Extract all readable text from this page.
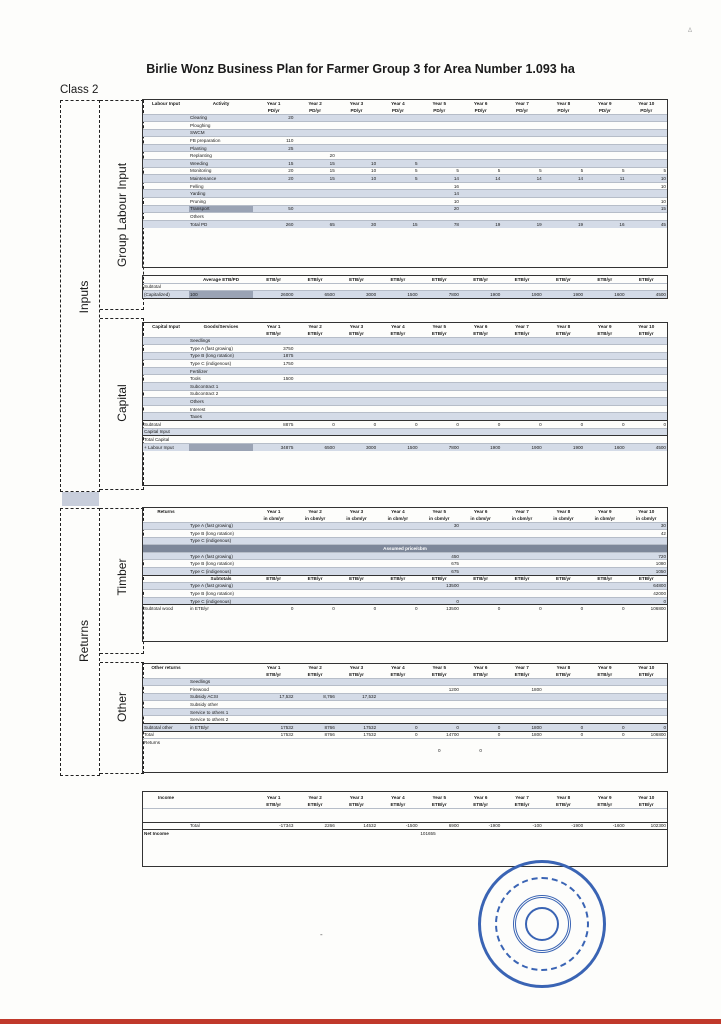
Birlie Wonz Business Plan for Farmer Group 3 for Area Number 1.093 ha
Class 2
Inputs
Returns
Group Labour Input
Capital
Timber
Other
Labour Input	Activity	Year 1	Year 2	Year 3	Year 4	Year 5	Year 6	Year 7	Year 8	Year 9	Year 10
		PD/yr	PD/yr	PD/yr	PD/yr	PD/yr	PD/yr	PD/yr	PD/yr	PD/yr	PD/yr
	Clearing	20									
	Ploughing										
	SWCM										
	FB preparation	110									
	Planting	25									
	Replanting		20								
	Weeding	15	15	10	5						
	Monitoring	20	15	10	5	5	5	5	5	5	5
	Maintenance	20	15	10	5	14	14	14	14	11	10
	Felling					16					10
	Yarding					14					
	Pruning					10					10
	Transport	50				20					15
	Others										
	Total PD	260	65	30	15	78	19	19	19	16	45
	Average ETB/PD	ETB/yr	ETB/yr	ETB/yr	ETB/yr	ETB/yr	ETB/yr	ETB/yr	ETB/yr	ETB/yr	ETB/yr
Subtotal											
(Capitalized)	100	26000	6500	3000	1500	7800	1900	1900	1900	1600	4500
Capital Input	Goods/Services	Year 1	Year 2	Year 3	Year 4	Year 5	Year 6	Year 7	Year 8	Year 9	Year 10
		ETB/yr	ETB/yr	ETB/yr	ETB/yr	ETB/yr	ETB/yr	ETB/yr	ETB/yr	ETB/yr	ETB/yr
	Seedlings										
	Type A (fast growing)	3750									
	Type B (long rotation)	1875									
	Type C (indigenous)	1750									
	Fertilizer										
	Tools	1500									
	Subcontract 1										
	Subcontract 2										
	Others										
	Interest										
	Taxes										
Subtotal		8875	0	0	0	0	0	0	0	0	0
Capital Input											
Total Capital											
+ Labour Input		34875	6500	3000	1500	7800	1900	1900	1900	1600	4500
Returns		Year 1	Year 2	Year 3	Year 4	Year 5	Year 6	Year 7	Year 8	Year 9	Year 10
		in cbm/yr	in cbm/yr	in cbm/yr	in cbm/yr	in cbm/yr	in cbm/yr	in cbm/yr	in cbm/yr	in cbm/yr	in cbm/yr
	Type A (fast growing)					30					30
	Type B (long rotation)										42
	Type C (indigenous)										
Assumed price/cbm											
	Type A (fast growing)					450					720
	Type B (long rotation)					675					1080
	Type C (indigenous)					675					1050
	Subtotals	ETB/yr	ETB/yr	ETB/yr	ETB/yr	ETB/yr	ETB/yr	ETB/yr	ETB/yr	ETB/yr	ETB/yr
	Type A (fast growing)					13500					64800
	Type B (long rotation)										42000
	Type C (indigenous)					0					0
Subtotal wood	in ETB/yr	0	0	0	0	13500	0	0	0	0	106800
Other returns		Year 1	Year 2	Year 3	Year 4	Year 5	Year 6	Year 7	Year 8	Year 9	Year 10
		ETB/yr	ETB/yr	ETB/yr	ETB/yr	ETB/yr	ETB/yr	ETB/yr	ETB/yr	ETB/yr	ETB/yr
	Seedlings										
	Firewood					1200		1800			
	Subsidy ACSI	17,532	8,766	17,532							
	Subsidy other										
	Service to others 1										
	Service to others 2										
Subtotal other	in ETB/yr	17532	8766	17532	0	0	0	1800	0	0	0
Total		17532	8766	17532	0	14700	0	1800	0	0	106800
Returns											
						0	0				
Income		Year 1	Year 2	Year 3	Year 4	Year 5	Year 6	Year 7	Year 8	Year 9	Year 10
		ETB/yr	ETB/yr	ETB/yr	ETB/yr	ETB/yr	ETB/yr	ETB/yr	ETB/yr	ETB/yr	ETB/yr

	Total	-17343	2266	14532	-1500	6900	-1900	-100	-1900	-1600	102300
Net Income	101655										
-
Δ
